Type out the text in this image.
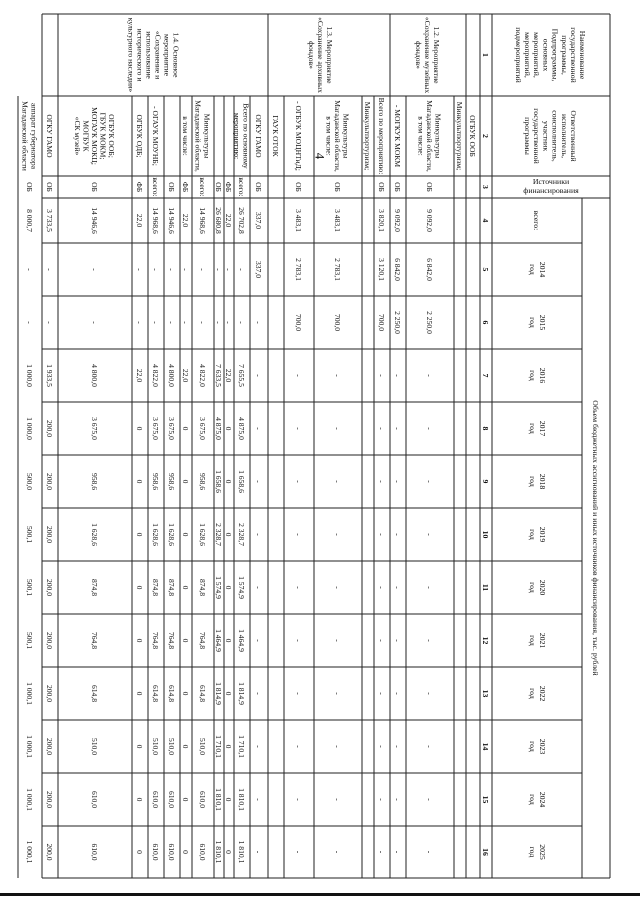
4
Наименование
государственной
программы,
Подпрограммы,
основных
мероприятий,
мероприятий,
подмероприятий
Ответственный
исполнитель,
соисполнитель,
участник
государственной
программы
Источники
финансирования
Объем бюджетных ассигнований и иных источников финансирования, тыс. рублей
всего:
2014
год
2015
год
2016
год
2017
год
2018
год
2019
год
2020
год
2021
год
2022
год
2023
год
2024
год
2025
год
1
2
3
4
5
6
7
8
9
10
11
12
13
14
15
16
ОГБУК ООБ
Минкультпортуризм;
Минкультуры
Магаданской области,
в том числе:
ОБ
9 092,0
6 842,0
2 250,0
-
-
-
-
-
-
-
-
-
-
- МОГКУК МОКМ
ОБ
9 092,0
6 842,0
2 250,0
-
-
-
-
-
-
-
-
-
-
Всего по мероприятию:
ОБ
3 820,1
3 120,1
700,0
-
-
-
-
-
-
-
-
-
-
Минкультпортуризм;
Минкультуры
Магаданской области,
в том числе:
ОБ
3 483,1
2 783,1
700,0
-
-
-
-
-
-
-
-
-
-
- ОГБУК МОЦНТиД;
ОБ
3 483,1
2 783,1
700,0
-
-
-
-
-
-
-
-
-
-
ГАУК ОТОК
ОГКУ ГАМО
ОБ
337,0
337,0
-
-
-
-
-
-
-
-
-
-
-
Всего по основному
мероприятию:
всего:
26 702,8
-
-
7 655,5
4 875,0
1 658,6
2 328,7
1 574,9
1 464,9
1 814,9
1 710,1
1 810,1
1 810,1
ФБ
22,0
-
-
22,0
0
0
0
0
0
0
0
0
0
ОБ
26 680,8
-
-
7 633,5
4 875,0
1 658,6
2 328,7
1 574,9
1 464,9
1 814,9
1 710,1
1 810,1
1 810,1
Минкультуры
Магаданской области,
всего:
14 968,6
-
-
4 822,0
3 675,0
958,6
1 628,6
874,8
764,8
614,8
510,0
610,0
610,0
в том числе:
ФБ
22,0
-
-
22,0
0
0
0
0
0
0
0
0
0
ОБ
14 946,6
-
-
4 800,0
3 675,0
958,6
1 628,6
874,8
764,8
614,8
510,0
610,0
610,0
- ОГАУК МОУНБ;
всего:
14 968,6
-
-
4 822,0
3 675,0
958,6
1 628,6
874,8
764,8
614,8
510,0
610,0
610,0
ОГБУК ОДБ;
ФБ
22,0
-
-
22,0
0
0
0
0
0
0
0
0
0
ОГБУК ООБ;
ГБУК МОКМ;
МОГАУК МОКЦ;
МОГБУК
«СК музей»
ОБ
14 946,6
-
-
4 800,0
3 675,0
958,6
1 628,6
874,8
764,8
614,8
510,0
610,0
610,0
ОГКУ ГАМО
ОБ
3 733,5
-
-
1 933,5
200,0
200,0
200,0
200,0
200,0
200,0
200,0
200,0
200,0
аппарат губернатора
Магаданской области
ОБ
8 000,7
-
-
1 000,0
1 000,0
500,0
500,1
500,1
500,1
1 000,1
1 000,1
1 000,1
1 000,1
1.2. Мероприятие
«Сохранение музейных
фондов»
1.3. Мероприятие
«Сохранение архивных
фондов»
1.4. Основное
мероприятие
«Сохранение и
использование
исторического и
культурного наследия»
